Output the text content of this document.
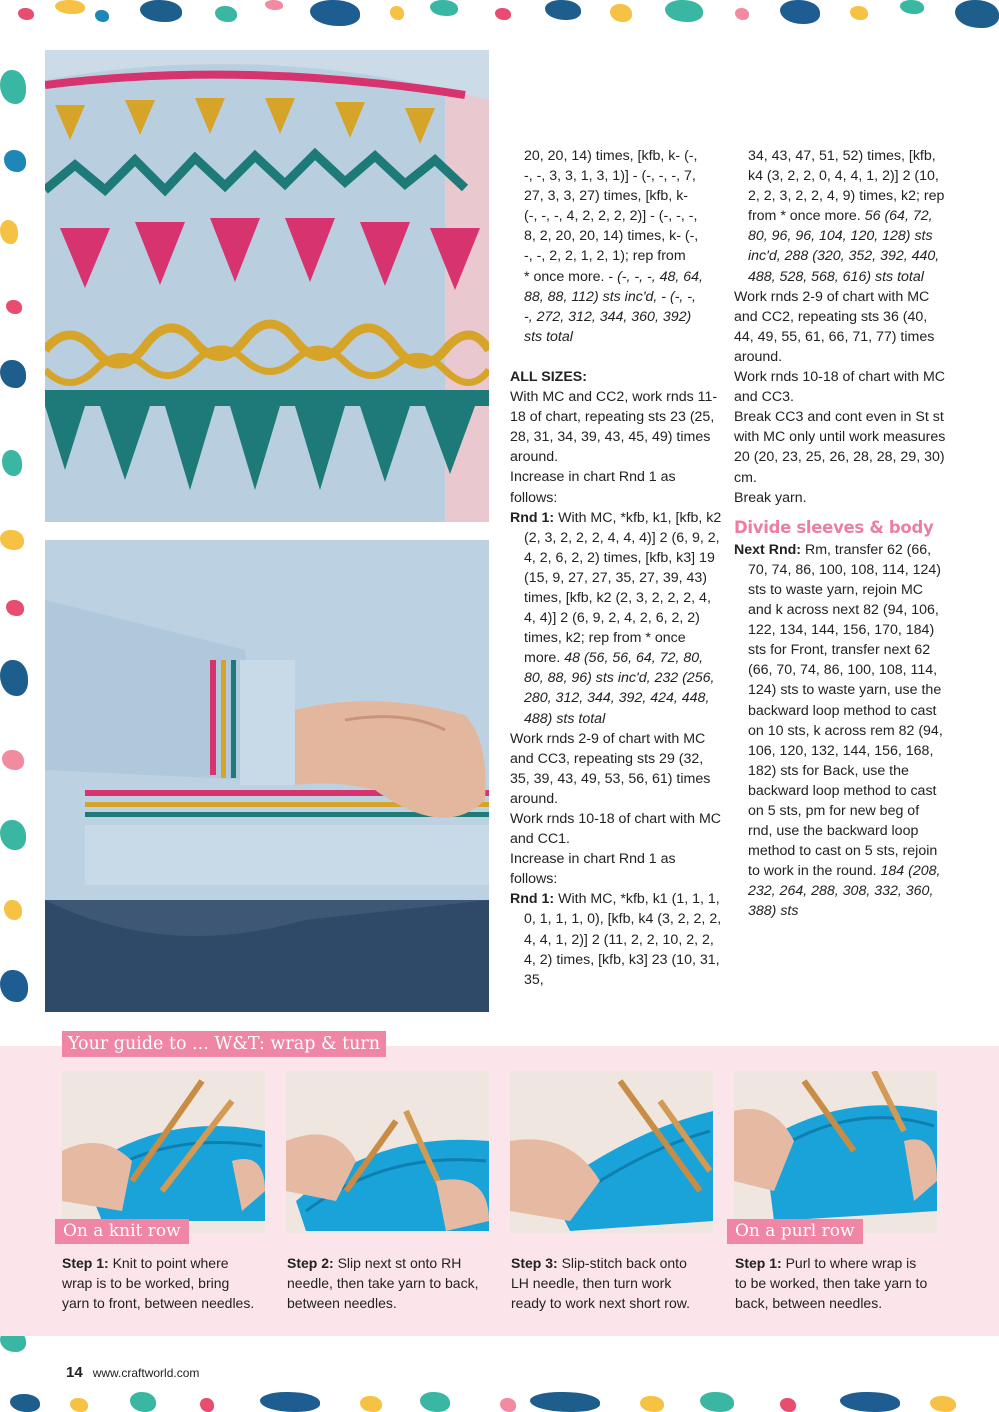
20, 20, 14) times, [kfb, k- (-,
-, -, 3, 3, 1, 3, 1)] - (-, -, -, 7,
27, 3, 3, 27) times, [kfb, k-
(-, -, -, 4, 2, 2, 2, 2)] - (-, -, -,
8, 2, 20, 20, 14) times, k- (-,
-, -, 2, 2, 1, 2, 1); rep from
* once more. - (-, -, -, 48, 64,
88, 88, 112) sts inc'd, - (-, -,
-, 272, 312, 344, 360, 392)
sts total

ALL SIZES:

With MC and CC2, work rnds 11-18 of chart, repeating sts 23 (25, 28, 31, 34, 39, 43, 45, 49) times around.

Increase in chart Rnd 1 as follows:

Rnd 1: With MC, *kfb, k1, [kfb, k2 (2, 3, 2, 2, 2, 4, 4, 4)] 2 (6, 9, 2, 4, 2, 6, 2, 2) times, [kfb, k3] 19 (15, 9, 27, 27, 35, 27, 39, 43) times, [kfb, k2 (2, 3, 2, 2, 2, 4, 4, 4)] 2 (6, 9, 2, 4, 2, 6, 2, 2) times, k2; rep from * once more. 48 (56, 56, 64, 72, 80, 80, 88, 96) sts inc'd, 232 (256, 280, 312, 344, 392, 424, 448, 488) sts total

Work rnds 2-9 of chart with MC and CC3, repeating sts 29 (32, 35, 39, 43, 49, 53, 56, 61) times around.

Work rnds 10-18 of chart with MC and CC1.

Increase in chart Rnd 1 as follows:

Rnd 1: With MC, *kfb, k1 (1, 1, 1, 0, 1, 1, 1, 0), [kfb, k4 (3, 2, 2, 2, 4, 4, 1, 2)] 2 (11, 2, 2, 10, 2, 2, 4, 2) times, [kfb, k3] 23 (10, 31, 35,

34, 43, 47, 51, 52) times, [kfb, k4 (3, 2, 2, 0, 4, 4, 1, 2)] 2 (10, 2, 2, 3, 2, 2, 4, 9) times, k2; rep from * once more. 56 (64, 72, 80, 96, 96, 104, 120, 128) sts inc'd, 288 (320, 352, 392, 440, 488, 528, 568, 616) sts total

Work rnds 2-9 of chart with MC and CC2, repeating sts 36 (40, 44, 49, 55, 61, 66, 71, 77) times around.

Work rnds 10-18 of chart with MC and CC3.

Break CC3 and cont even in St st with MC only until work measures 20 (20, 23, 25, 26, 28, 28, 29, 30) cm.

Break yarn.

Divide sleeves & body

Next Rnd: Rm, transfer 62 (66, 70, 74, 86, 100, 108, 114, 124) sts to waste yarn, rejoin MC and k across next 82 (94, 106, 122, 134, 144, 156, 170, 184) sts for Front, transfer next 62 (66, 70, 74, 86, 100, 108, 114, 124) sts to waste yarn, use the backward loop method to cast on 10 sts, k across rem 82 (94, 106, 120, 132, 144, 156, 168, 182) sts for Back, use the backward loop method to cast on 5 sts, pm for new beg of rnd, use the backward loop method to cast on 5 sts, rejoin to work in the round. 184 (208, 232, 264, 288, 308, 332, 360, 388) sts

Your guide to ... W&T: wrap & turn
On a knit row	On a purl row
Step 1: Knit to point where wrap is to be worked, bring yarn to front, between needles.
Step 2: Slip next st onto RH needle, then take yarn to back, between needles.
Step 3: Slip-stitch back onto LH needle, then turn work ready to work next short row.
Step 1: Purl to where wrap is to be worked, then take yarn to back, between needles.
14 www.craftworld.com
